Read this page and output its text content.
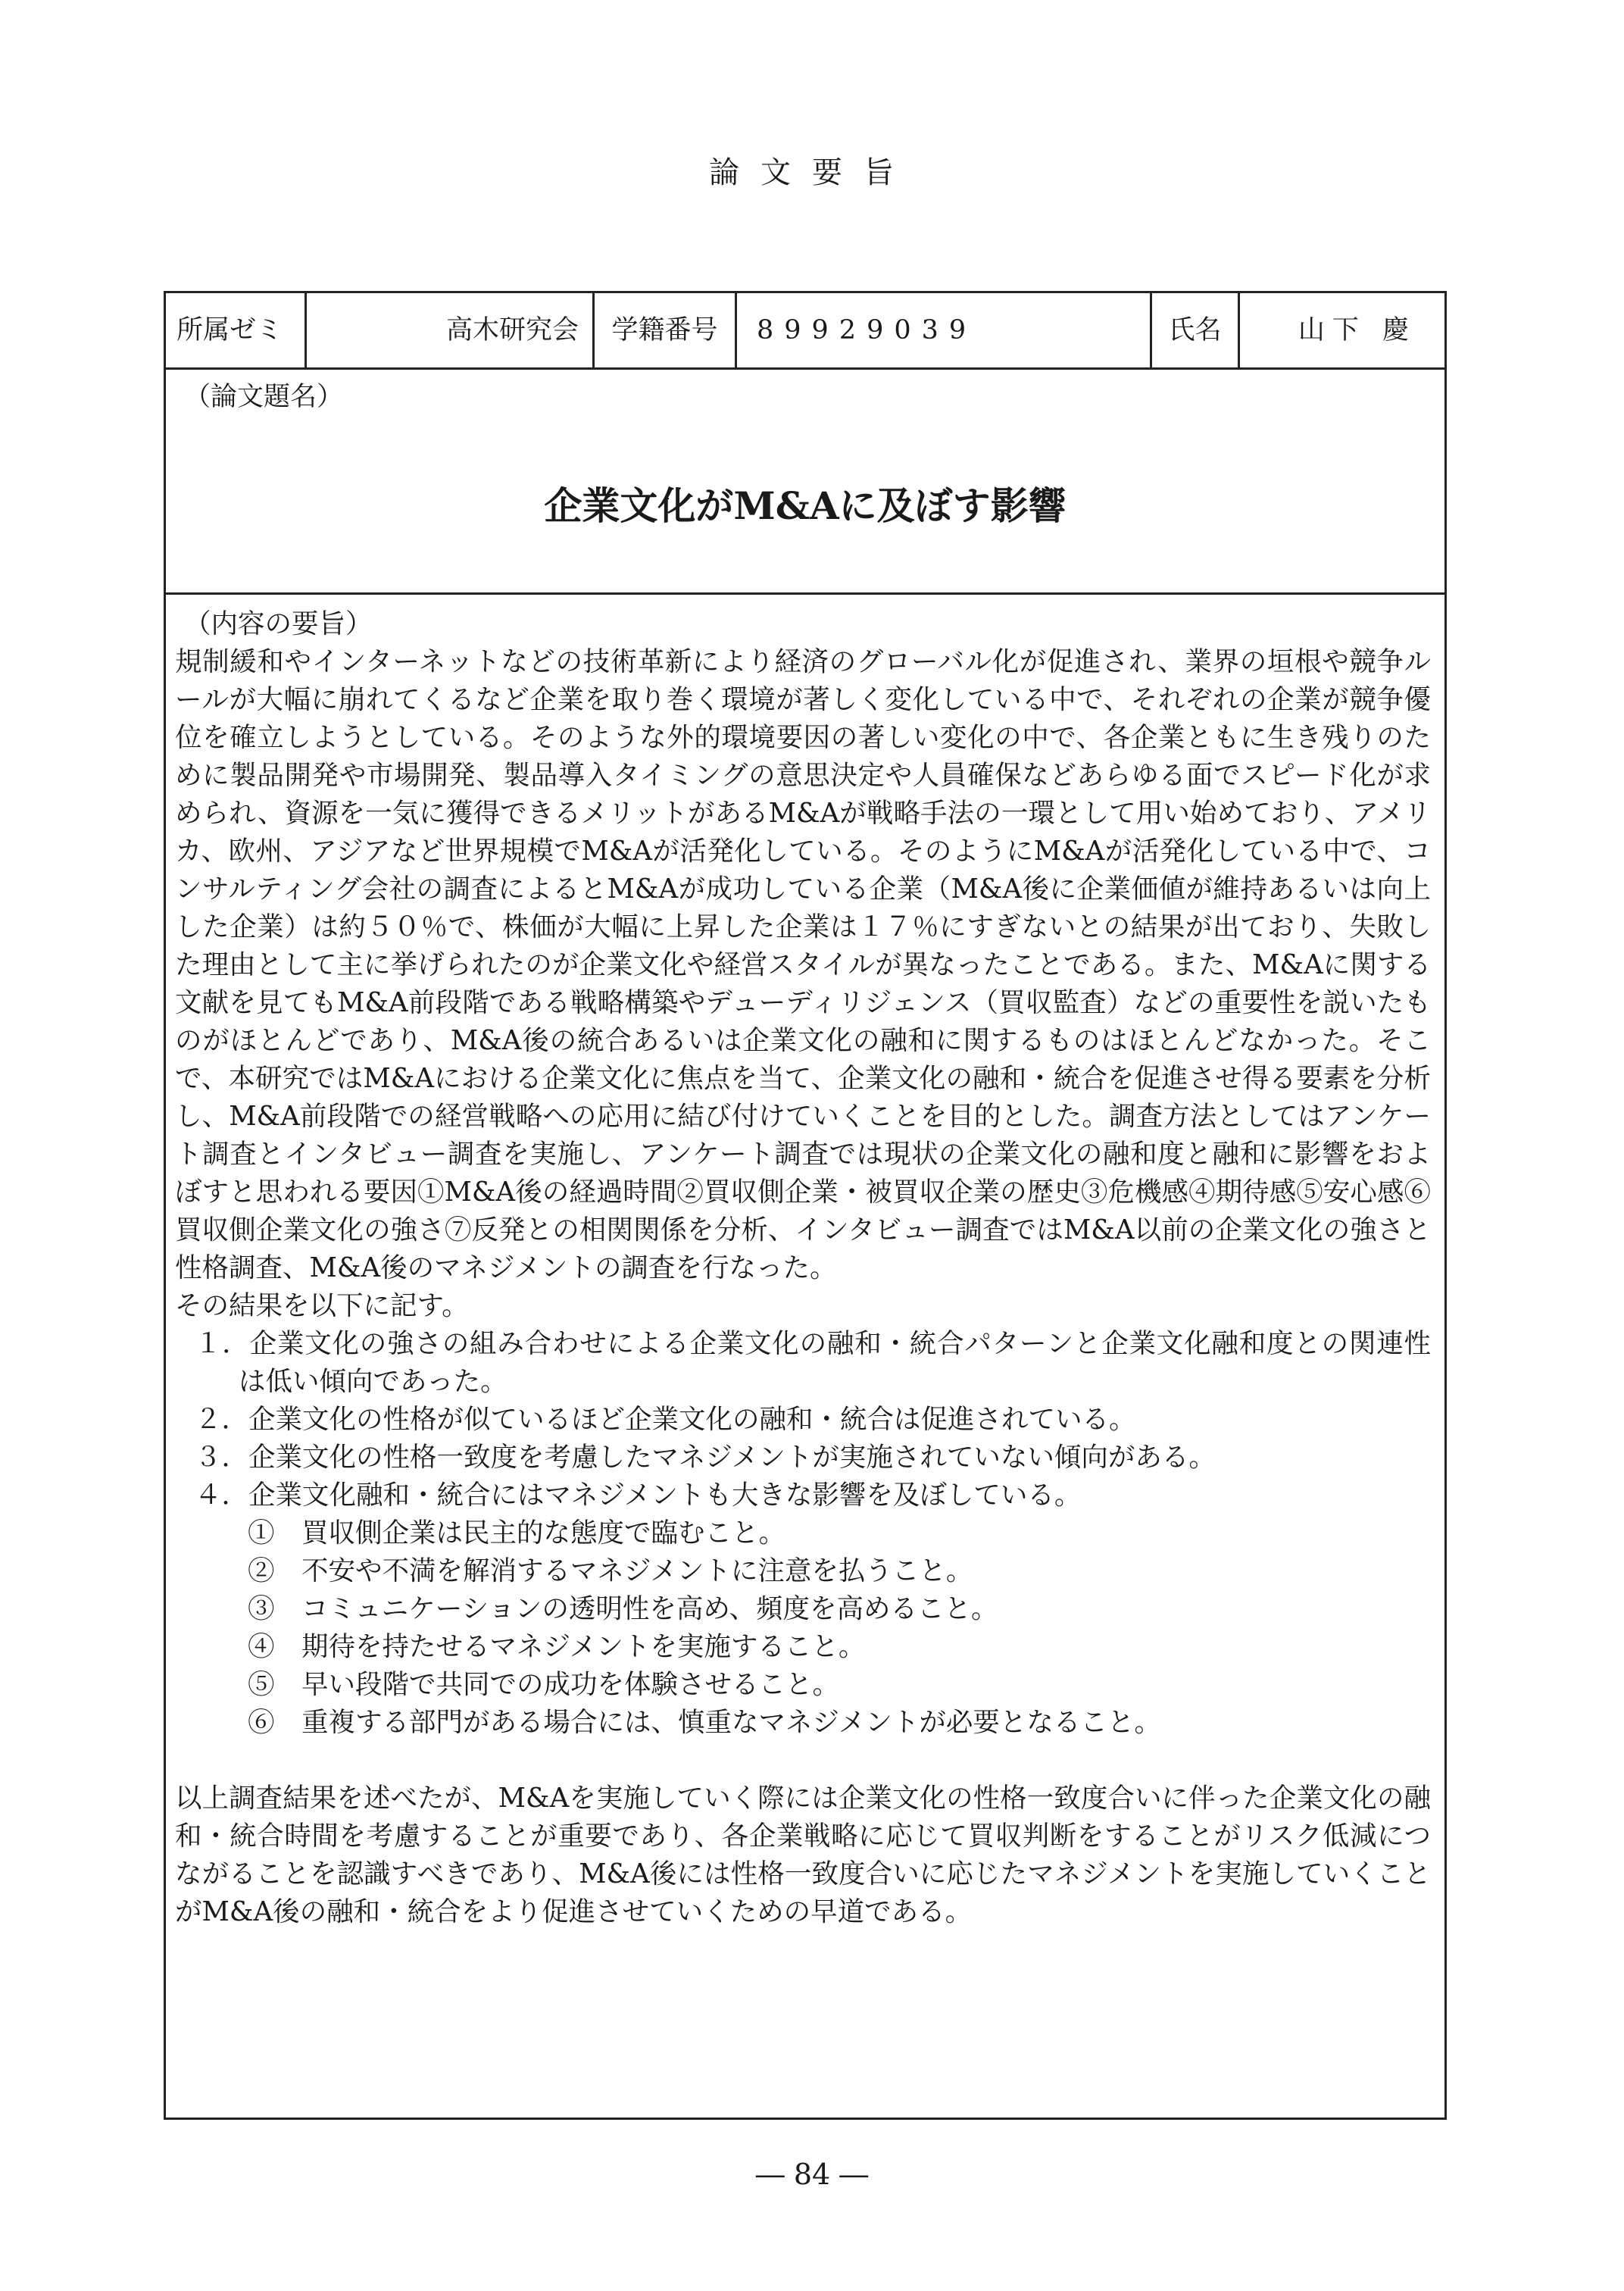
論文要旨
所属ゼミ	高木研究会	学籍番号	89929039	氏名	山下 慶
（論文題名）
企業文化がM&Aに及ぼす影響

（内容の要旨）

規制緩和やインターネットなどの技術革新により経済のグローバル化が促進され、業界の垣根や競争ルールが大幅に崩れてくるなど企業を取り巻く環境が著しく変化している中で、それぞれの企業が競争優位を確立しようとしている。そのような外的環境要因の著しい変化の中で、各企業ともに生き残りのために製品開発や市場開発、製品導入タイミングの意思決定や人員確保などあらゆる面でスピード化が求められ、資源を一気に獲得できるメリットがあるM&Aが戦略手法の一環として用い始めており、アメリカ、欧州、アジアなど世界規模でM&Aが活発化している。そのようにM&Aが活発化している中で、コンサルティング会社の調査によるとM&Aが成功している企業（M&A後に企業価値が維持あるいは向上した企業）は約５０％で、株価が大幅に上昇した企業は１７％にすぎないとの結果が出ており、失敗した理由として主に挙げられたのが企業文化や経営スタイルが異なったことである。また、M&Aに関する文献を見てもM&A前段階である戦略構築やデューディリジェンス（買収監査）などの重要性を説いたものがほとんどであり、M&A後の統合あるいは企業文化の融和に関するものはほとんどなかった。そこで、本研究ではM&Aにおける企業文化に焦点を当て、企業文化の融和・統合を促進させ得る要素を分析し、M&A前段階での経営戦略への応用に結び付けていくことを目的とした。調査方法としてはアンケート調査とインタビュー調査を実施し、アンケート調査では現状の企業文化の融和度と融和に影響をおよぼすと思われる要因①M&A後の経過時間②買収側企業・被買収企業の歴史③危機感④期待感⑤安心感⑥買収側企業文化の強さ⑦反発との相関関係を分析、インタビュー調査ではM&A以前の企業文化の強さと性格調査、M&A後のマネジメントの調査を行なった。

その結果を以下に記す。

１．企業文化の強さの組み合わせによる企業文化の融和・統合パターンと企業文化融和度との関連性は低い傾向であった。

２．企業文化の性格が似ているほど企業文化の融和・統合は促進されている。

３．企業文化の性格一致度を考慮したマネジメントが実施されていない傾向がある。

４．企業文化融和・統合にはマネジメントも大きな影響を及ぼしている。

①　買収側企業は民主的な態度で臨むこと。

②　不安や不満を解消するマネジメントに注意を払うこと。

③　コミュニケーションの透明性を高め、頻度を高めること。

④　期待を持たせるマネジメントを実施すること。

⑤　早い段階で共同での成功を体験させること。

⑥　重複する部門がある場合には、慎重なマネジメントが必要となること。

以上調査結果を述べたが、M&Aを実施していく際には企業文化の性格一致度合いに伴った企業文化の融和・統合時間を考慮することが重要であり、各企業戦略に応じて買収判断をすることがリスク低減につながることを認識すべきであり、M&A後には性格一致度合いに応じたマネジメントを実施していくことがM&A後の融和・統合をより促進させていくための早道である。

― 84 ―
